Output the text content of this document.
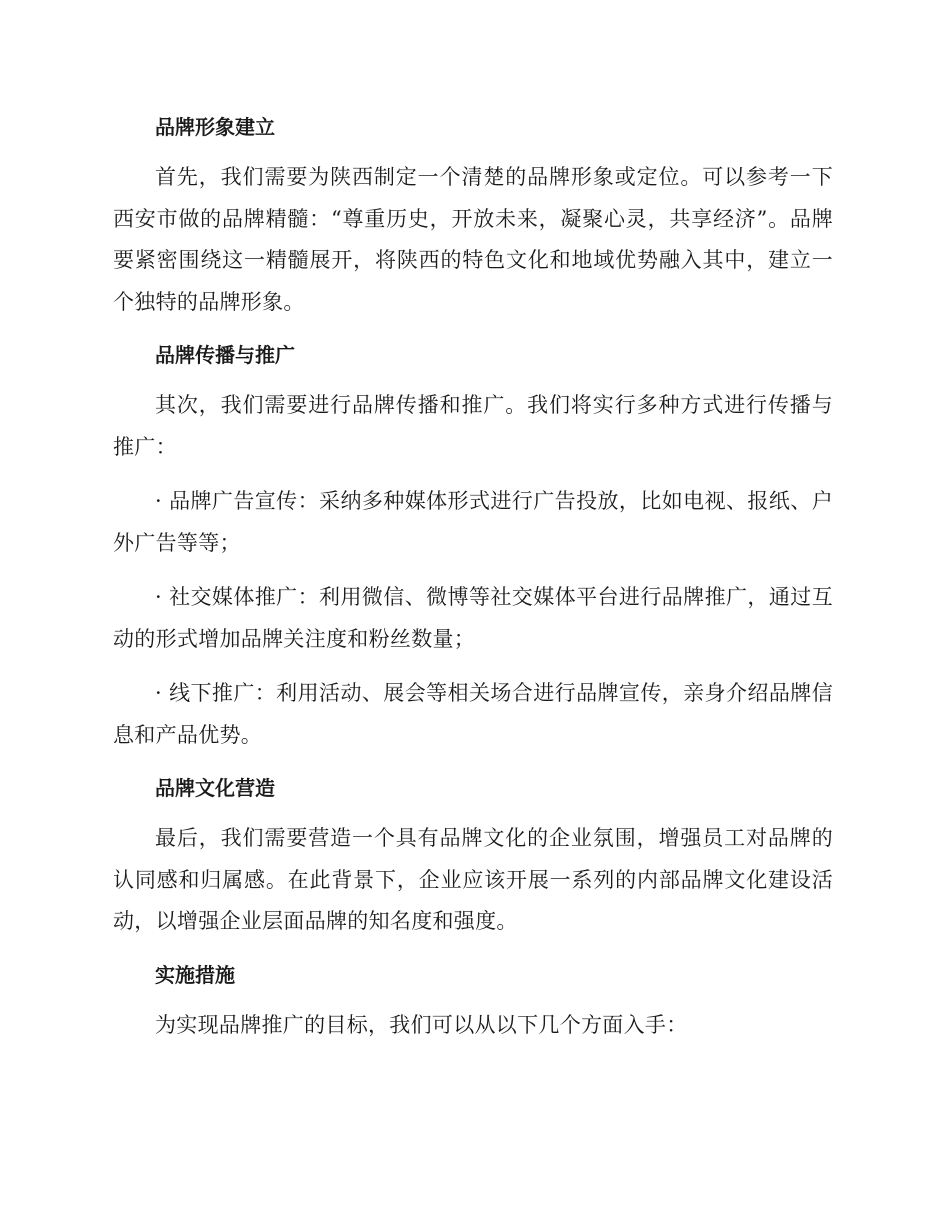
品牌形象建立

首先，我们需要为陕西制定一个清楚的品牌形象或定位。可以参考一下西安市做的品牌精髓：“尊重历史，开放未来，凝聚心灵，共享经济”。品牌要紧密围绕这一精髓展开，将陕西的特色文化和地域优势融入其中，建立一个独特的品牌形象。

品牌传播与推广

其次，我们需要进行品牌传播和推广。我们将实行多种方式进行传播与推广：

· 品牌广告宣传：采纳多种媒体形式进行广告投放，比如电视、报纸、户外广告等等；

· 社交媒体推广：利用微信、微博等社交媒体平台进行品牌推广，通过互动的形式增加品牌关注度和粉丝数量；

· 线下推广：利用活动、展会等相关场合进行品牌宣传，亲身介绍品牌信息和产品优势。

品牌文化营造

最后，我们需要营造一个具有品牌文化的企业氛围，增强员工对品牌的认同感和归属感。在此背景下，企业应该开展一系列的内部品牌文化建设活动，以增强企业层面品牌的知名度和强度。

实施措施

为实现品牌推广的目标，我们可以从以下几个方面入手：
